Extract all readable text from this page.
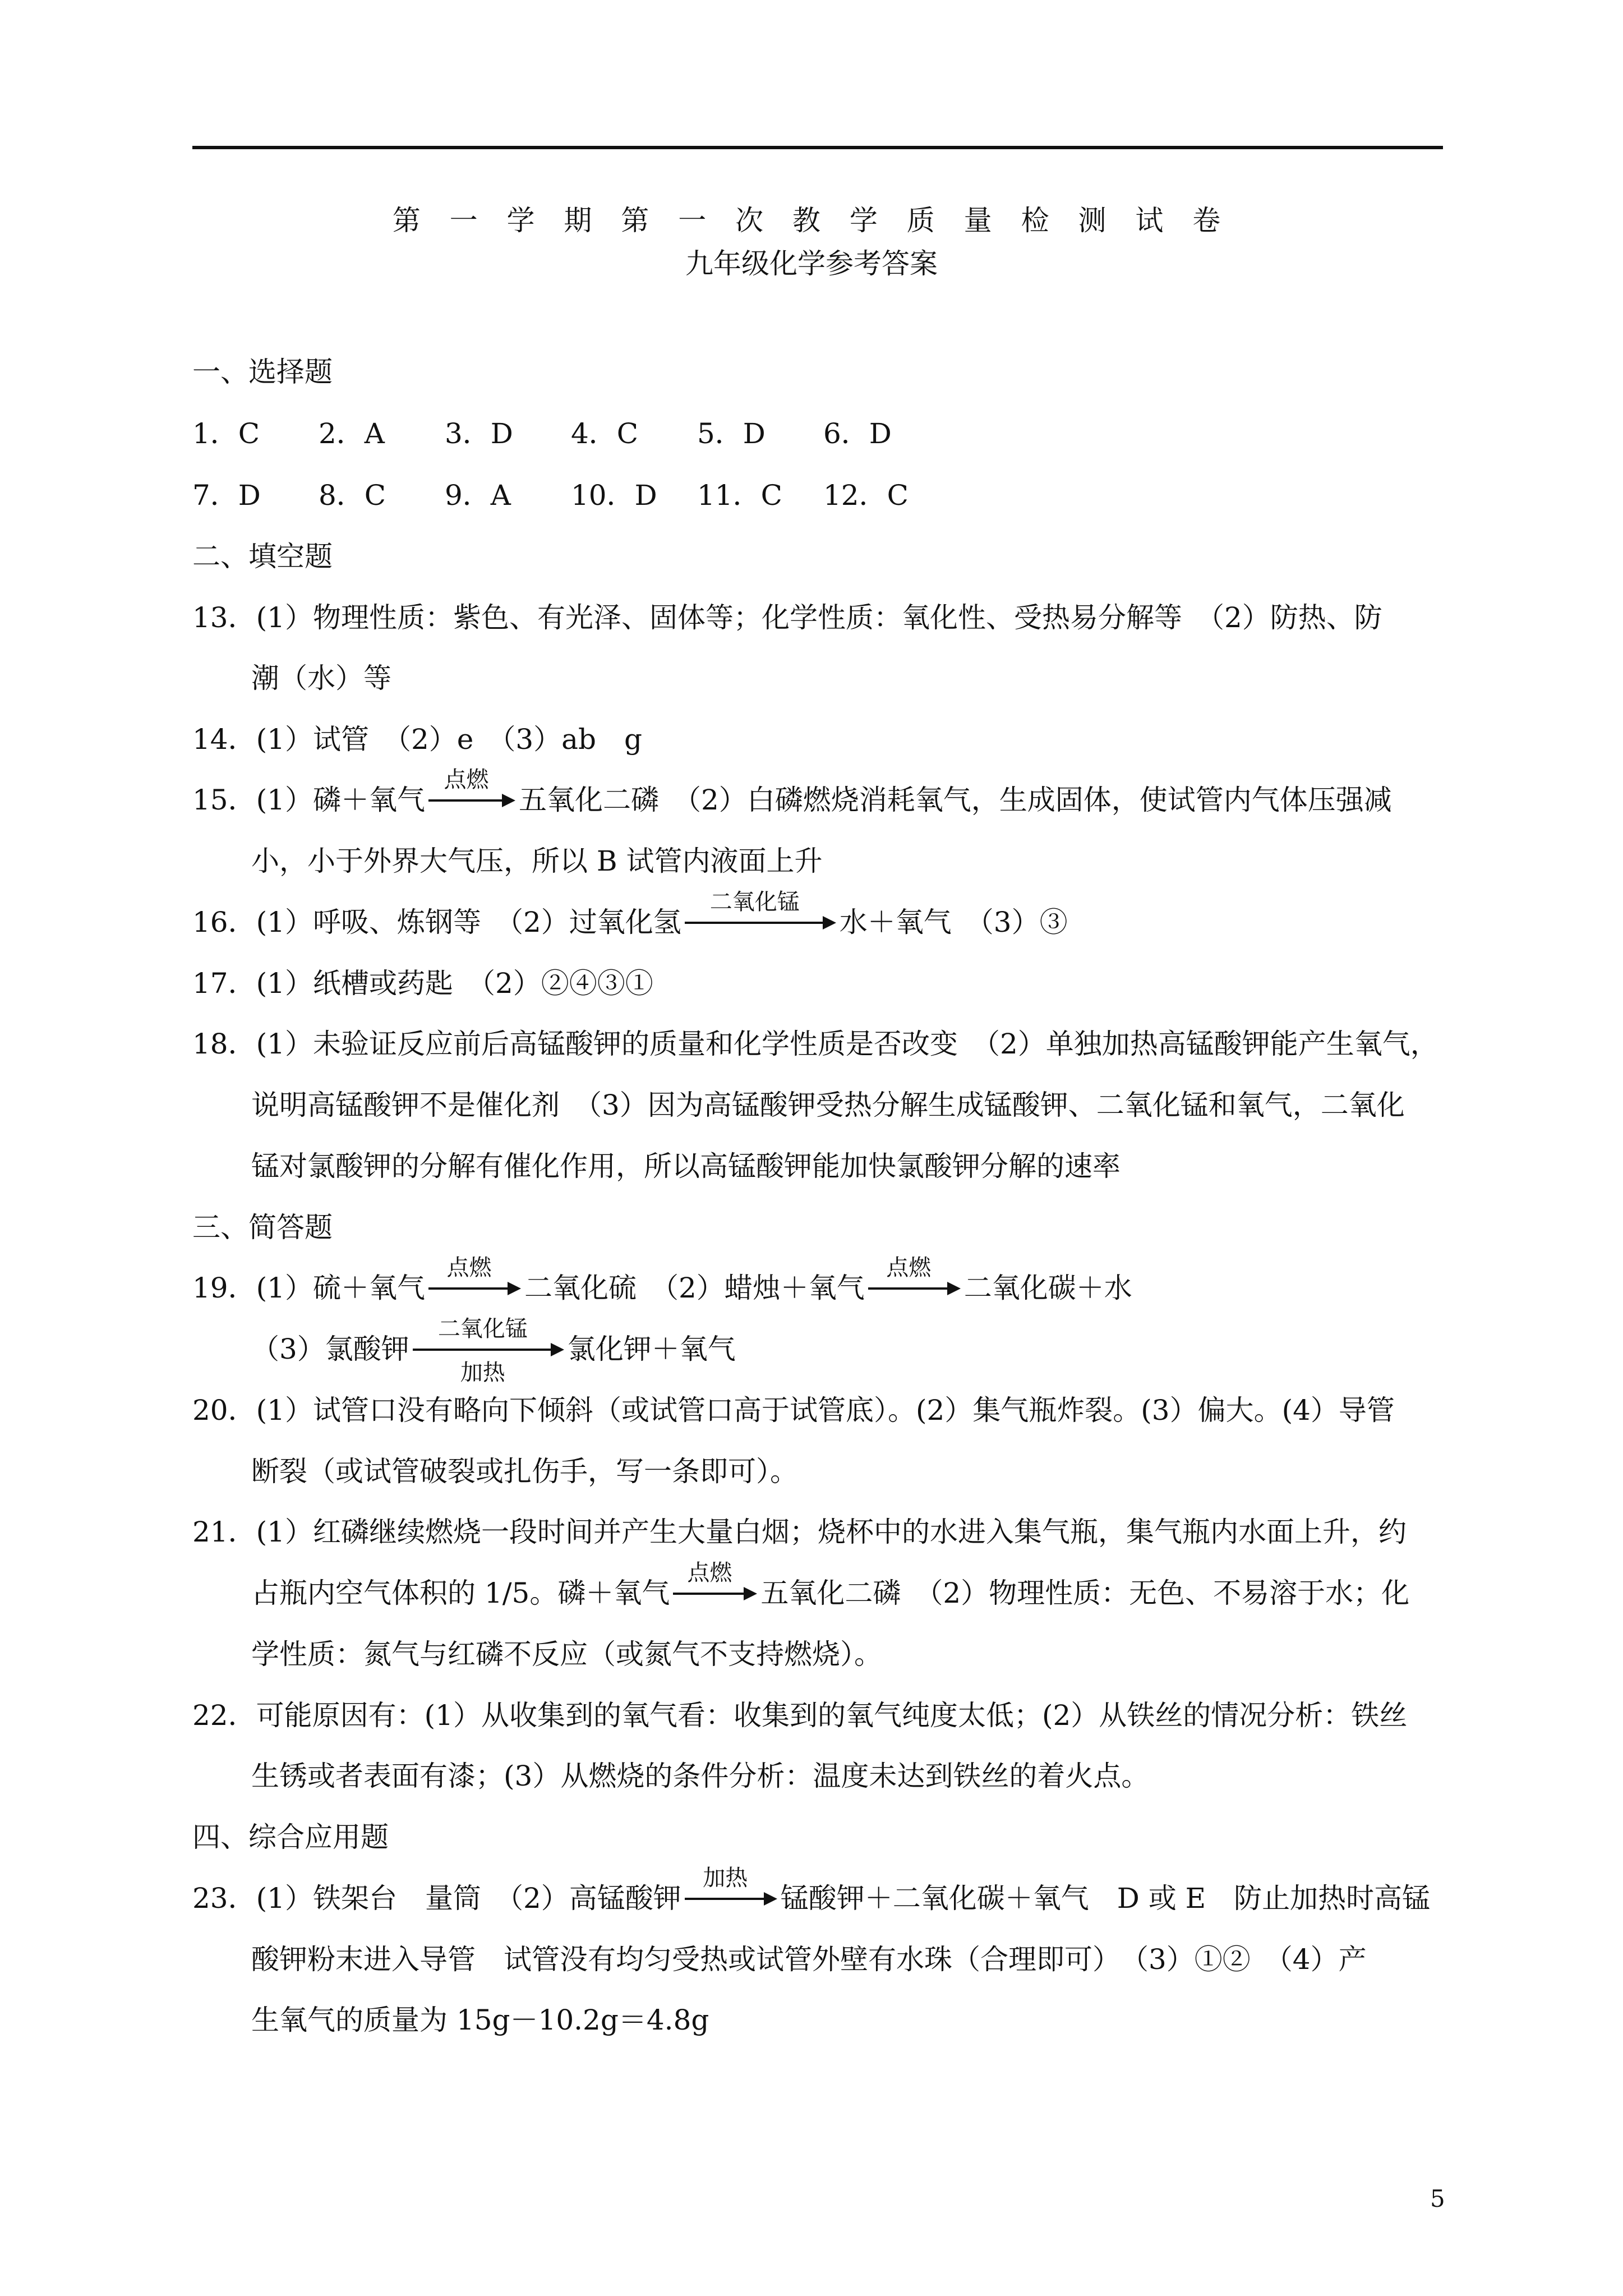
第 一 学 期 第 一 次 教 学 质 量 检 测 试 卷
九年级化学参考答案
一、选择题
1．C 2．A 3．D 4．C 5．D 6．D
7．D 8．C 9．A 10．D 11．C 12．C
二、填空题
13．(1）物理性质：紫色、有光泽、固体等；化学性质：氧化性、受热易分解等　（2）防热、防
潮（水）等
14．(1）试管　（2）e　（3）ab　g
15．(1）磷＋氧气
点燃
五氧化二磷　（2）白磷燃烧消耗氧气，生成固体，使试管内气体压强减
小，小于外界大气压，所以 B 试管内液面上升
16．(1）呼吸、炼钢等　（2）过氧化氢
二氧化锰
水＋氧气　（3）③
17．(1）纸槽或药匙　（2）②④③①
18．(1）未验证反应前后高锰酸钾的质量和化学性质是否改变　（2）单独加热高锰酸钾能产生氧气，
说明高锰酸钾不是催化剂　（3）因为高锰酸钾受热分解生成锰酸钾、二氧化锰和氧气，二氧化
锰对氯酸钾的分解有催化作用，所以高锰酸钾能加快氯酸钾分解的速率
三、简答题
19．(1）硫＋氧气
点燃
二氧化硫　（2）蜡烛＋氧气
点燃
二氧化碳＋水
（3）氯酸钾
二氧化锰
加热
氯化钾＋氧气
20．(1）试管口没有略向下倾斜（或试管口高于试管底）。(2）集气瓶炸裂。(3）偏大。(4）导管
断裂（或试管破裂或扎伤手，写一条即可）。
21．(1）红磷继续燃烧一段时间并产生大量白烟；烧杯中的水进入集气瓶，集气瓶内水面上升，约
占瓶内空气体积的 1/5。磷＋氧气
点燃
五氧化二磷　（2）物理性质：无色、不易溶于水；化
学性质：氮气与红磷不反应（或氮气不支持燃烧）。
22．可能原因有：(1）从收集到的氧气看：收集到的氧气纯度太低；(2）从铁丝的情况分析：铁丝
生锈或者表面有漆；(3）从燃烧的条件分析：温度未达到铁丝的着火点。
四、综合应用题
23．(1）铁架台　量筒　（2）高锰酸钾
加热
锰酸钾＋二氧化碳＋氧气　D 或 E　防止加热时高锰
酸钾粉末进入导管　试管没有均匀受热或试管外壁有水珠（合理即可）　（3）①②　（4）产
生氧气的质量为 15g－10.2g＝4.8g
5
